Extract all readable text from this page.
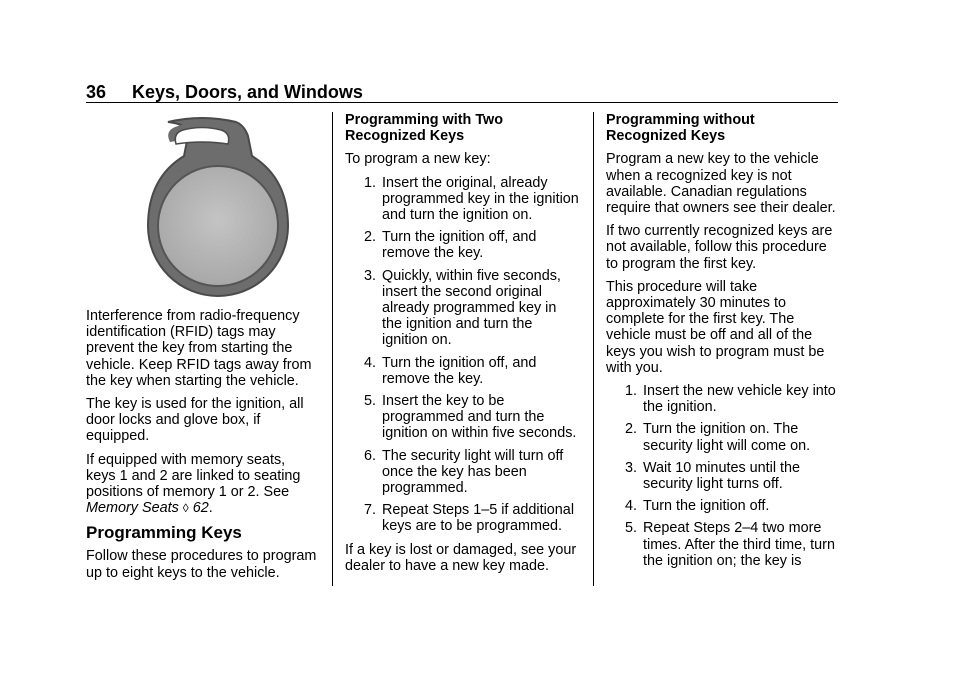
36	Keys, Doors, and Windows

Interference from radio-frequency identification (RFID) tags may prevent the key from starting the vehicle. Keep RFID tags away from the key when starting the vehicle.

The key is used for the ignition, all door locks and glove box, if equipped.

If equipped with memory seats, keys 1 and 2 are linked to seating positions of memory 1 or 2. See Memory Seats ◊ 62.

Programming Keys

Follow these procedures to program up to eight keys to the vehicle.

Programming with Two Recognized Keys

To program a new key:

1. Insert the original, already programmed key in the ignition and turn the ignition on.
2. Turn the ignition off, and remove the key.
3. Quickly, within five seconds, insert the second original already programmed key in the ignition and turn the ignition on.
4. Turn the ignition off, and remove the key.
5. Insert the key to be programmed and turn the ignition on within five seconds.
6. The security light will turn off once the key has been programmed.
7. Repeat Steps 1–5 if additional keys are to be programmed.

If a key is lost or damaged, see your dealer to have a new key made.

Programming without Recognized Keys

Program a new key to the vehicle when a recognized key is not available. Canadian regulations require that owners see their dealer.

If two currently recognized keys are not available, follow this procedure to program the first key.

This procedure will take approximately 30 minutes to complete for the first key. The vehicle must be off and all of the keys you wish to program must be with you.

1. Insert the new vehicle key into the ignition.
2. Turn the ignition on. The security light will come on.
3. Wait 10 minutes until the security light turns off.
4. Turn the ignition off.
5. Repeat Steps 2–4 two more times. After the third time, turn the ignition on; the key is
